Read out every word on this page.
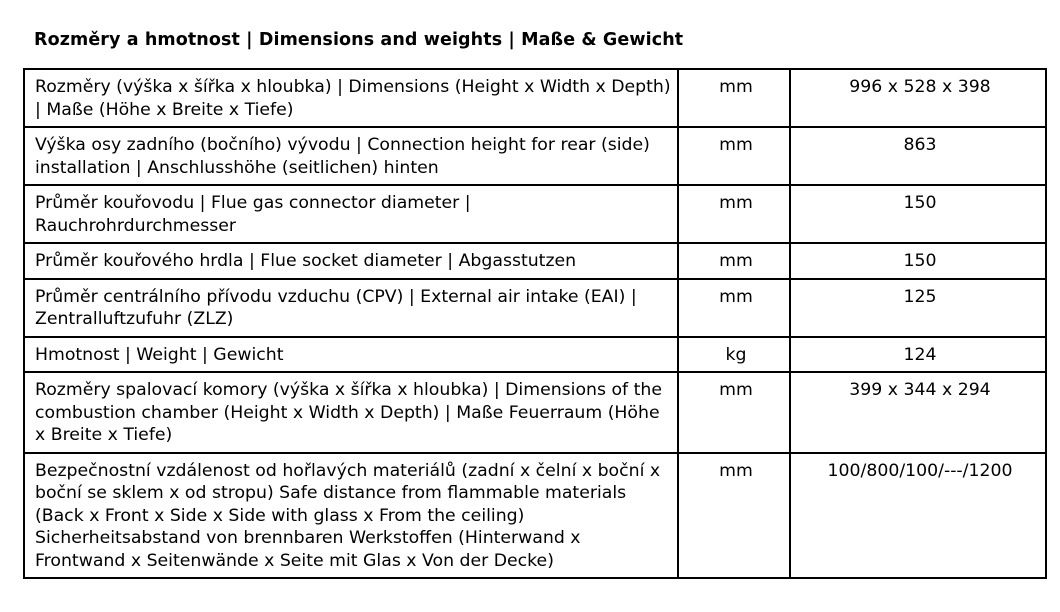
Rozměry a hmotnost | Dimensions and weights | Maße & Gewicht
Rozměry (výška x šířka x hloubka) | Dimensions (Height x Width x Depth) | Maße (Höhe x Breite x Tiefe)	mm	996 x 528 x 398
Výška osy zadního (bočního) vývodu | Connection height for rear (side) installation | Anschlusshöhe (seitlichen) hinten	mm	863
Průměr kouřovodu | Flue gas connector diameter | Rauchrohrdurchmesser	mm	150
Průměr kouřového hrdla | Flue socket diameter | Abgasstutzen	mm	150
Průměr centrálního přívodu vzduchu (CPV) | External air intake (EAI) | Zentralluftzufuhr (ZLZ)	mm	125
Hmotnost | Weight | Gewicht	kg	124
Rozměry spalovací komory (výška x šířka x hloubka) | Dimensions of the combustion chamber (Height x Width x Depth) | Maße Feuerraum (Höhe x Breite x Tiefe)	mm	399 x 344 x 294
Bezpečnostní vzdálenost od hořlavých materiálů (zadní x čelní x boční x boční se sklem x od stropu) Safe distance from flammable materials (Back x Front x Side x Side with glass x From the ceiling) Sicherheitsabstand von brennbaren Werkstoffen (Hinterwand x Frontwand x Seitenwände x Seite mit Glas x Von der Decke)	mm	100/800/100/---/1200
